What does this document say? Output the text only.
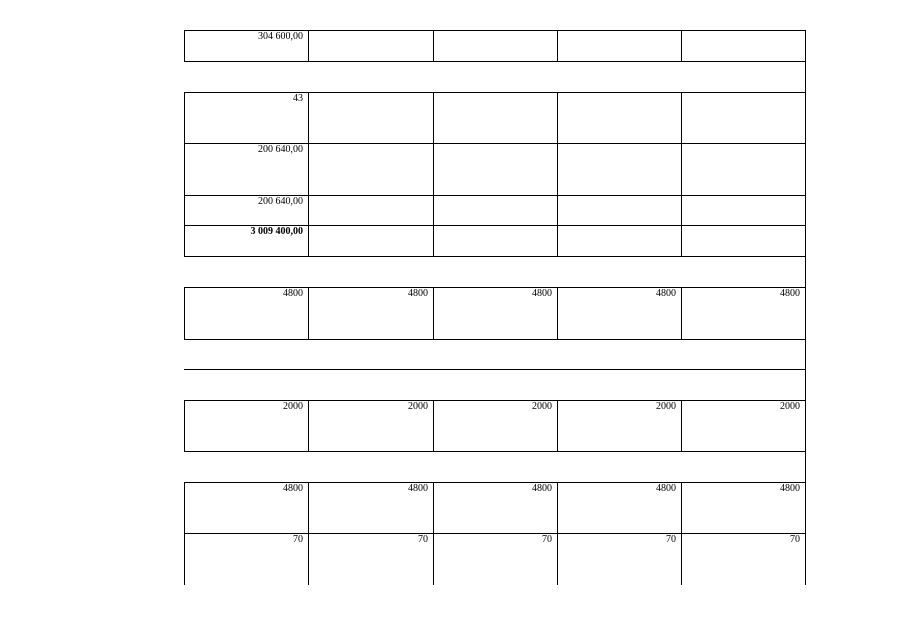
304 600,00
43
200 640,00
200 640,00
3 009 400,00
4800	4800	4800	4800	4800
2000	2000	2000	2000	2000
4800	4800	4800	4800	4800
70	70	70	70	70
